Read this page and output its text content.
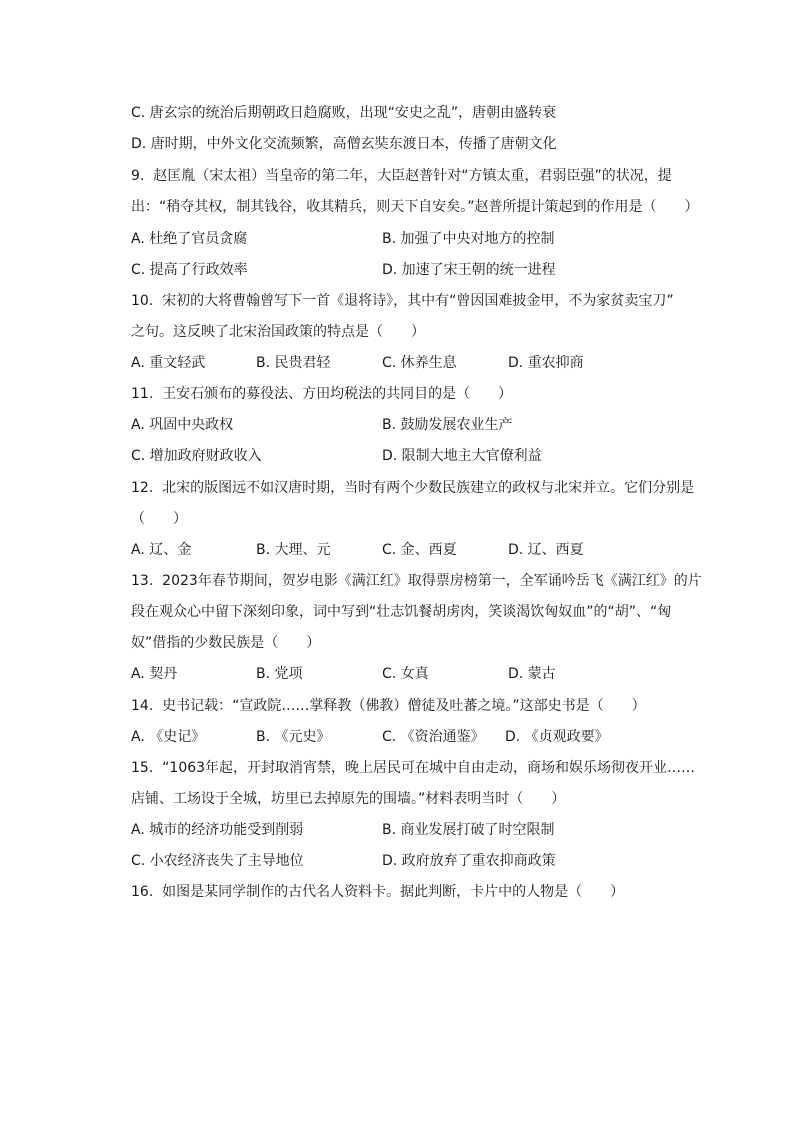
C. 唐玄宗的统治后期朝政日趋腐败，出现“安史之乱”，唐朝由盛转衰
D. 唐时期，中外文化交流频繁，高僧玄奘东渡日本，传播了唐朝文化
9.  赵匡胤（宋太祖）当皇帝的第二年，大臣赵普针对“方镇太重，君弱臣强”的状况，提
出：“稍夺其权，制其钱谷，收其精兵，则天下自安矣。”赵普所提计策起到的作用是（　　）
A. 杜绝了官员贪腐	B. 加强了中央对地方的控制
C. 提高了行政效率	D. 加速了宋王朝的统一进程
10.  宋初的大将曹翰曾写下一首《退将诗》，其中有“曾因国难披金甲，不为家贫卖宝刀”
之句。这反映了北宋治国政策的特点是（　　）
A. 重文轻武	B. 民贵君轻	C. 休养生息	D. 重农抑商
11.  王安石颁布的募役法、方田均税法的共同目的是（　　）
A. 巩固中央政权	B. 鼓励发展农业生产
C. 增加政府财政收入	D. 限制大地主大官僚利益
12.  北宋的版图远不如汉唐时期，当时有两个少数民族建立的政权与北宋并立。它们分别是
（　　）
A. 辽、金	B. 大理、元	C. 金、西夏	D. 辽、西夏
13.  2023年春节期间，贺岁电影《满江红》取得票房榜第一，全军诵吟岳飞《满江红》的片
段在观众心中留下深刻印象，词中写到“壮志饥餐胡虏肉，笑谈渴饮匈奴血”的“胡”、“匈
奴”借指的少数民族是（　　）
A. 契丹	B. 党项	C. 女真	D. 蒙古
14.  史书记载：“宣政院……掌释教（佛教）僧徒及吐蕃之境。”这部史书是（　　）
A. 《史记》	B. 《元史》	C. 《资治通鉴》 D. 《贞观政要》
15.  “1063年起，开封取消宵禁，晚上居民可在城中自由走动，商场和娱乐场彻夜开业……
店铺、工场设于全城，坊里已去掉原先的围墙。”材料表明当时（　　）
A. 城市的经济功能受到削弱	B. 商业发展打破了时空限制
C. 小农经济丧失了主导地位	D. 政府放弃了重农抑商政策
16.  如图是某同学制作的古代名人资料卡。据此判断，卡片中的人物是（　　）
